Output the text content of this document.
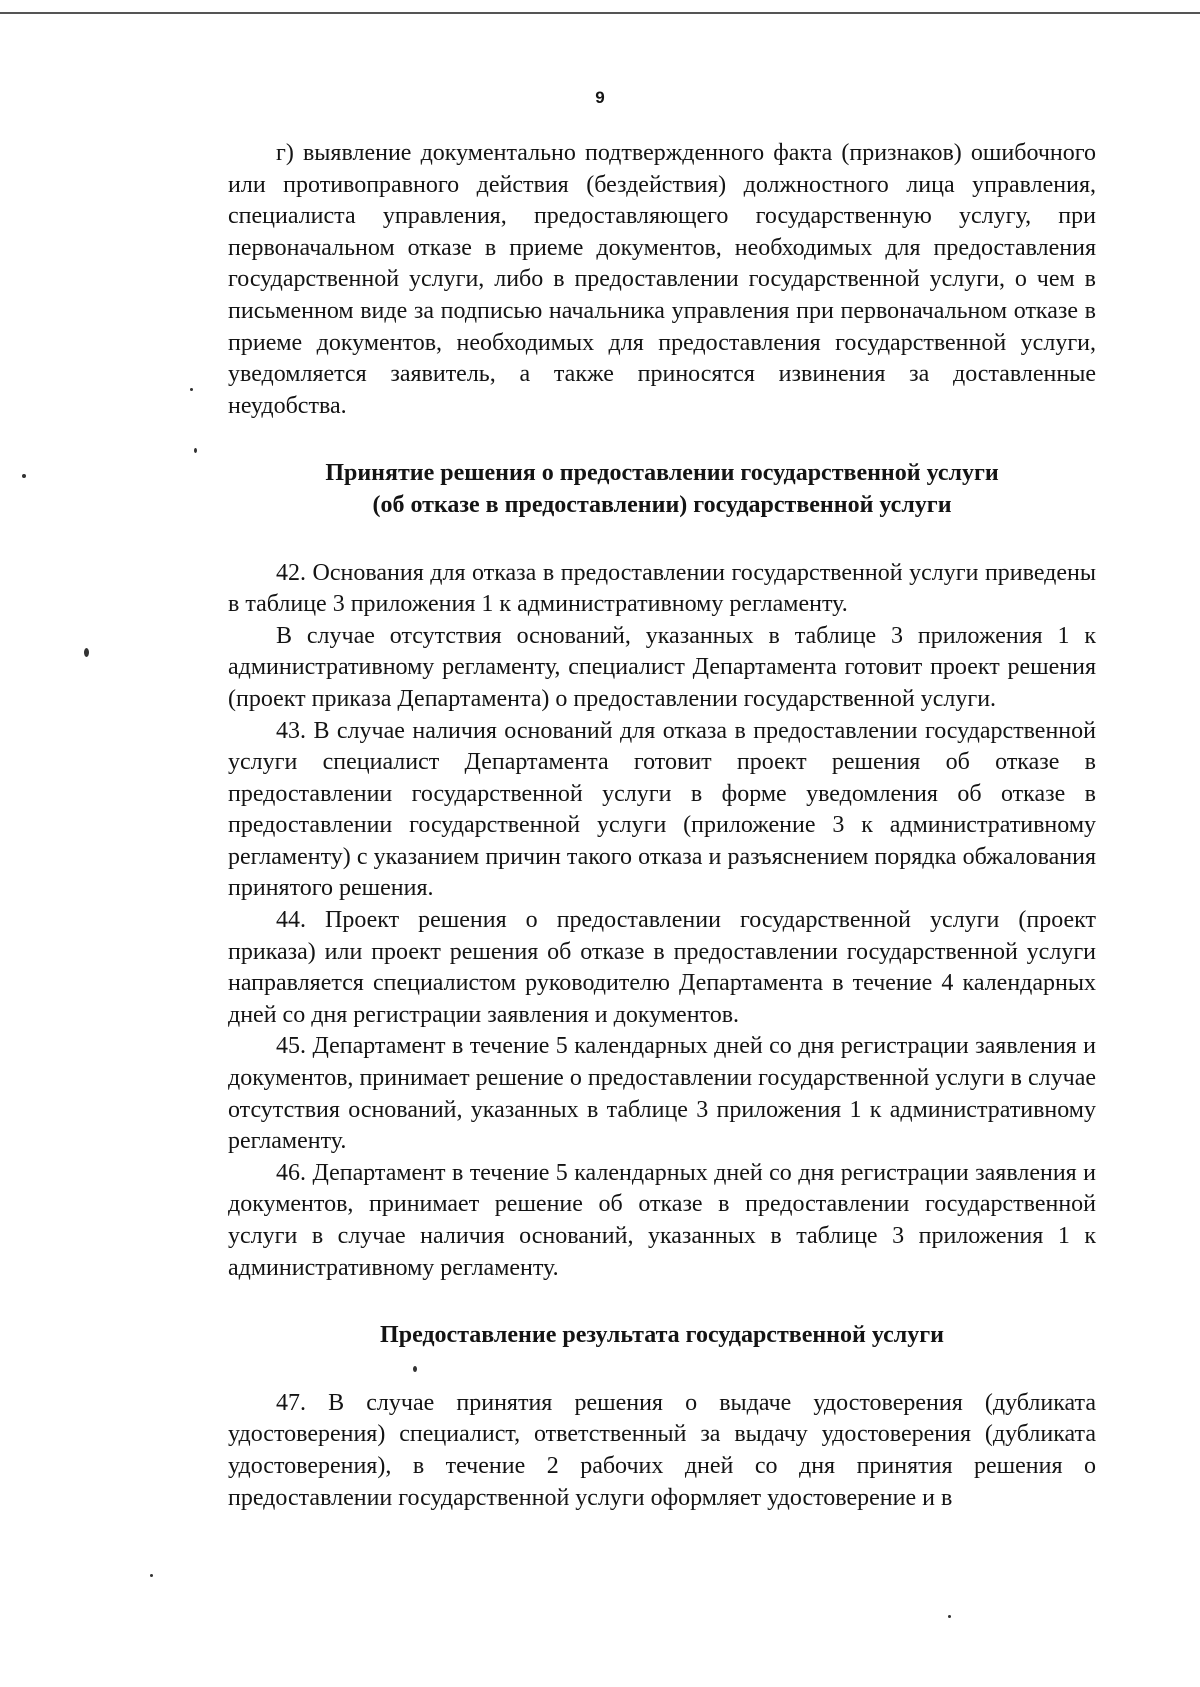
9

г) выявление документально подтвержденного факта (признаков) ошибочного или противоправного действия (бездействия) должностного лица управления, специалиста управления, предоставляющего государственную услугу, при первоначальном отказе в приеме документов, необходимых для предоставления государственной услуги, либо в предоставлении государственной услуги, о чем в письменном виде за подписью начальника управления при первоначальном отказе в приеме документов, необходимых для предоставления государственной услуги, уведомляется заявитель, а также приносятся извинения за доставленные неудобства.

Принятие решения о предоставлении государственной услуги
(об отказе в предоставлении) государственной услуги

42. Основания для отказа в предоставлении государственной услуги приведены в таблице 3 приложения 1 к административному регламенту.

В случае отсутствия оснований, указанных в таблице 3 приложения 1 к административному регламенту, специалист Департамента готовит проект решения (проект приказа Департамента) о предоставлении государственной услуги.

43. В случае наличия оснований для отказа в предоставлении государственной услуги специалист Департамента готовит проект решения об отказе в предоставлении государственной услуги в форме уведомления об отказе в предоставлении государственной услуги (приложение 3 к административному регламенту) с указанием причин такого отказа и разъяснением порядка обжалования принятого решения.

44. Проект решения о предоставлении государственной услуги (проект приказа) или проект решения об отказе в предоставлении государственной услуги направляется специалистом руководителю Департамента в течение 4 календарных дней со дня регистрации заявления и документов.

45. Департамент в течение 5 календарных дней со дня регистрации заявления и документов, принимает решение о предоставлении государственной услуги в случае отсутствия оснований, указанных в таблице 3 приложения 1 к административному регламенту.

46. Департамент в течение 5 календарных дней со дня регистрации заявления и документов, принимает решение об отказе в предоставлении государственной услуги в случае наличия оснований, указанных в таблице 3 приложения 1 к административному регламенту.

Предоставление результата государственной услуги

47. В случае принятия решения о выдаче удостоверения (дубликата удостоверения) специалист, ответственный за выдачу удостоверения (дубликата удостоверения), в течение 2 рабочих дней со дня принятия решения о предоставлении государственной услуги оформляет удостоверение и в
